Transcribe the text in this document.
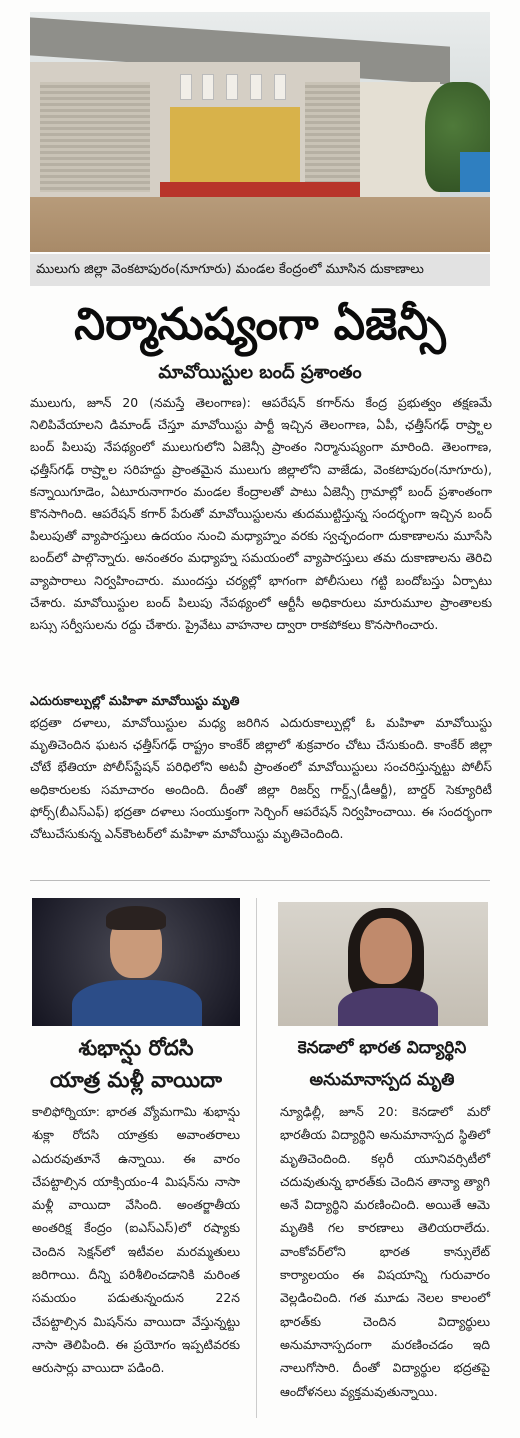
ములుగు జిల్లా వెంకటాపురం(నూగూరు) మండల కేంద్రంలో మూసిన దుకాణాలు
నిర్మానుష్యంగా ఏజెన్సీ
మావోయిస్టుల బంద్ ప్రశాంతం
ములుగు, జూన్ 20 (నమస్తే తెలంగాణ): ఆపరేషన్ కగార్‌ను కేంద్ర ప్రభుత్వం తక్షణమే నిలిపివేయాలని డిమాండ్ చేస్తూ మావోయిస్టు పార్టీ ఇచ్చిన తెలంగాణ, ఏపీ, ఛత్తీస్‌గఢ్ రాష్ర్టాల బంద్ పిలుపు నేపథ్యంలో ములుగులోని ఏజెన్సీ ప్రాంతం నిర్మానుష్యంగా మారింది. తెలంగాణ, ఛత్తీస్‌గఢ్ రాష్ర్టాల సరిహద్దు ప్రాంతమైన ములుగు జిల్లాలోని వాజేడు, వెంకటాపురం(నూగూరు), కన్నాయిగూడెం, ఏటూరునాగారం మండల కేంద్రాలతో పాటు ఏజెన్సీ గ్రామాల్లో బంద్ ప్రశాంతంగా కొనసాగింది. ఆపరేషన్ కగార్ పేరుతో మావోయిస్టులను తుదముట్టిస్తున్న సందర్భంగా ఇచ్చిన బంద్ పిలుపుతో వ్యాపారస్తులు ఉదయం నుంచి మధ్యాహ్నం వరకు స్వచ్ఛందంగా దుకాణాలను మూసేసి బంద్‌లో పాల్గొన్నారు. అనంతరం మధ్యాహ్న సమయంలో వ్యాపారస్తులు తమ దుకాణాలను తెరిచి వ్యాపారాలు నిర్వహించారు. ముందస్తు చర్యల్లో భాగంగా పోలీసులు గట్టి బందోబస్తు ఏర్పాటు చేశారు. మావోయిస్టుల బంద్ పిలుపు నేపథ్యంలో ఆర్టీసీ అధికారులు మారుమూల ప్రాంతాలకు బస్సు సర్వీసులను రద్దు చేశారు. ప్రైవేటు వాహనాల ద్వారా రాకపోకలు కొనసాగించారు.
ఎదురుకాల్పుల్లో మహిళా మావోయిస్టు మృతి
భద్రతా దళాలు, మావోయిస్టుల మధ్య జరిగిన ఎదురుకాల్పుల్లో ఓ మహిళా మావోయిస్టు మృతిచెందిన ఘటన ఛత్తీస్‌గఢ్ రాష్ట్రం కాంకేర్ జిల్లాలో శుక్రవారం చోటు చేసుకుంది. కాంకేర్ జిల్లా చోటే భేతియా పోలీస్‌స్టేషన్ పరిధిలోని అటవీ ప్రాంతంలో మావోయిస్టులు సంచరిస్తున్నట్టు పోలీస్ అధికారులకు సమాచారం అందింది. దీంతో జిల్లా రిజర్వ్ గార్డ్స్(డీఆర్జీ), బార్డర్ సెక్యూరిటీ ఫోర్స్(బీఎస్‌ఎఫ్) భద్రతా దళాలు సంయుక్తంగా సెర్చింగ్ ఆపరేషన్ నిర్వహించాయి. ఈ సందర్భంగా చోటుచేసుకున్న ఎన్‌కౌంటర్‌లో మహిళా మావోయిస్టు మృతిచెందింది.
శుభాన్షు రోదసి
యాత్ర మళ్లీ వాయిదా
కాలిఫోర్నియా: భారత వ్యోమగామి శుభాన్షు శుక్లా రోదసి యాత్రకు అవాంతరాలు ఎదురవుతూనే ఉన్నాయి. ఈ వారం చేపట్టాల్సిన యాక్సియం-4 మిషన్‌ను నాసా మళ్లీ వాయిదా వేసింది. అంతర్జాతీయ అంతరిక్ష కేంద్రం (ఐఎస్‌ఎస్)లో రష్యాకు చెందిన సెక్షన్‌లో ఇటీవల మరమ్మతులు జరిగాయి. దీన్ని పరిశీలించడానికి మరింత సమయం పడుతున్నందున 22న చేపట్టాల్సిన మిషన్‌ను వాయిదా వేస్తున్నట్టు నాసా తెలిపింది. ఈ ప్రయోగం ఇప్పటివరకు ఆరుసార్లు వాయిదా పడింది.
కెనడాలో భారత విద్యార్థిని
అనుమానాస్పద మృతి
న్యూఢిల్లీ, జూన్ 20: కెనడాలో మరో భారతీయ విద్యార్థిని అనుమానాస్పద స్థితిలో మృతిచెందింది. కల్గరీ యూనివర్సిటీలో చదువుతున్న భారత్‌కు చెందిన తాన్యా త్యాగి అనే విద్యార్థిని మరణించింది. అయితే ఆమె మృతికి గల కారణాలు తెలియరాలేదు. వాంకోవర్‌లోని భారత కాన్సులేట్ కార్యాలయం ఈ విషయాన్ని గురువారం వెల్లడించింది. గత మూడు నెలల కాలంలో భారత్‌కు చెందిన విద్యార్థులు అనుమానాస్పదంగా మరణించడం ఇది నాలుగోసారి. దీంతో విద్యార్థుల భద్రతపై ఆందోళనలు వ్యక్తమవుతున్నాయి.
